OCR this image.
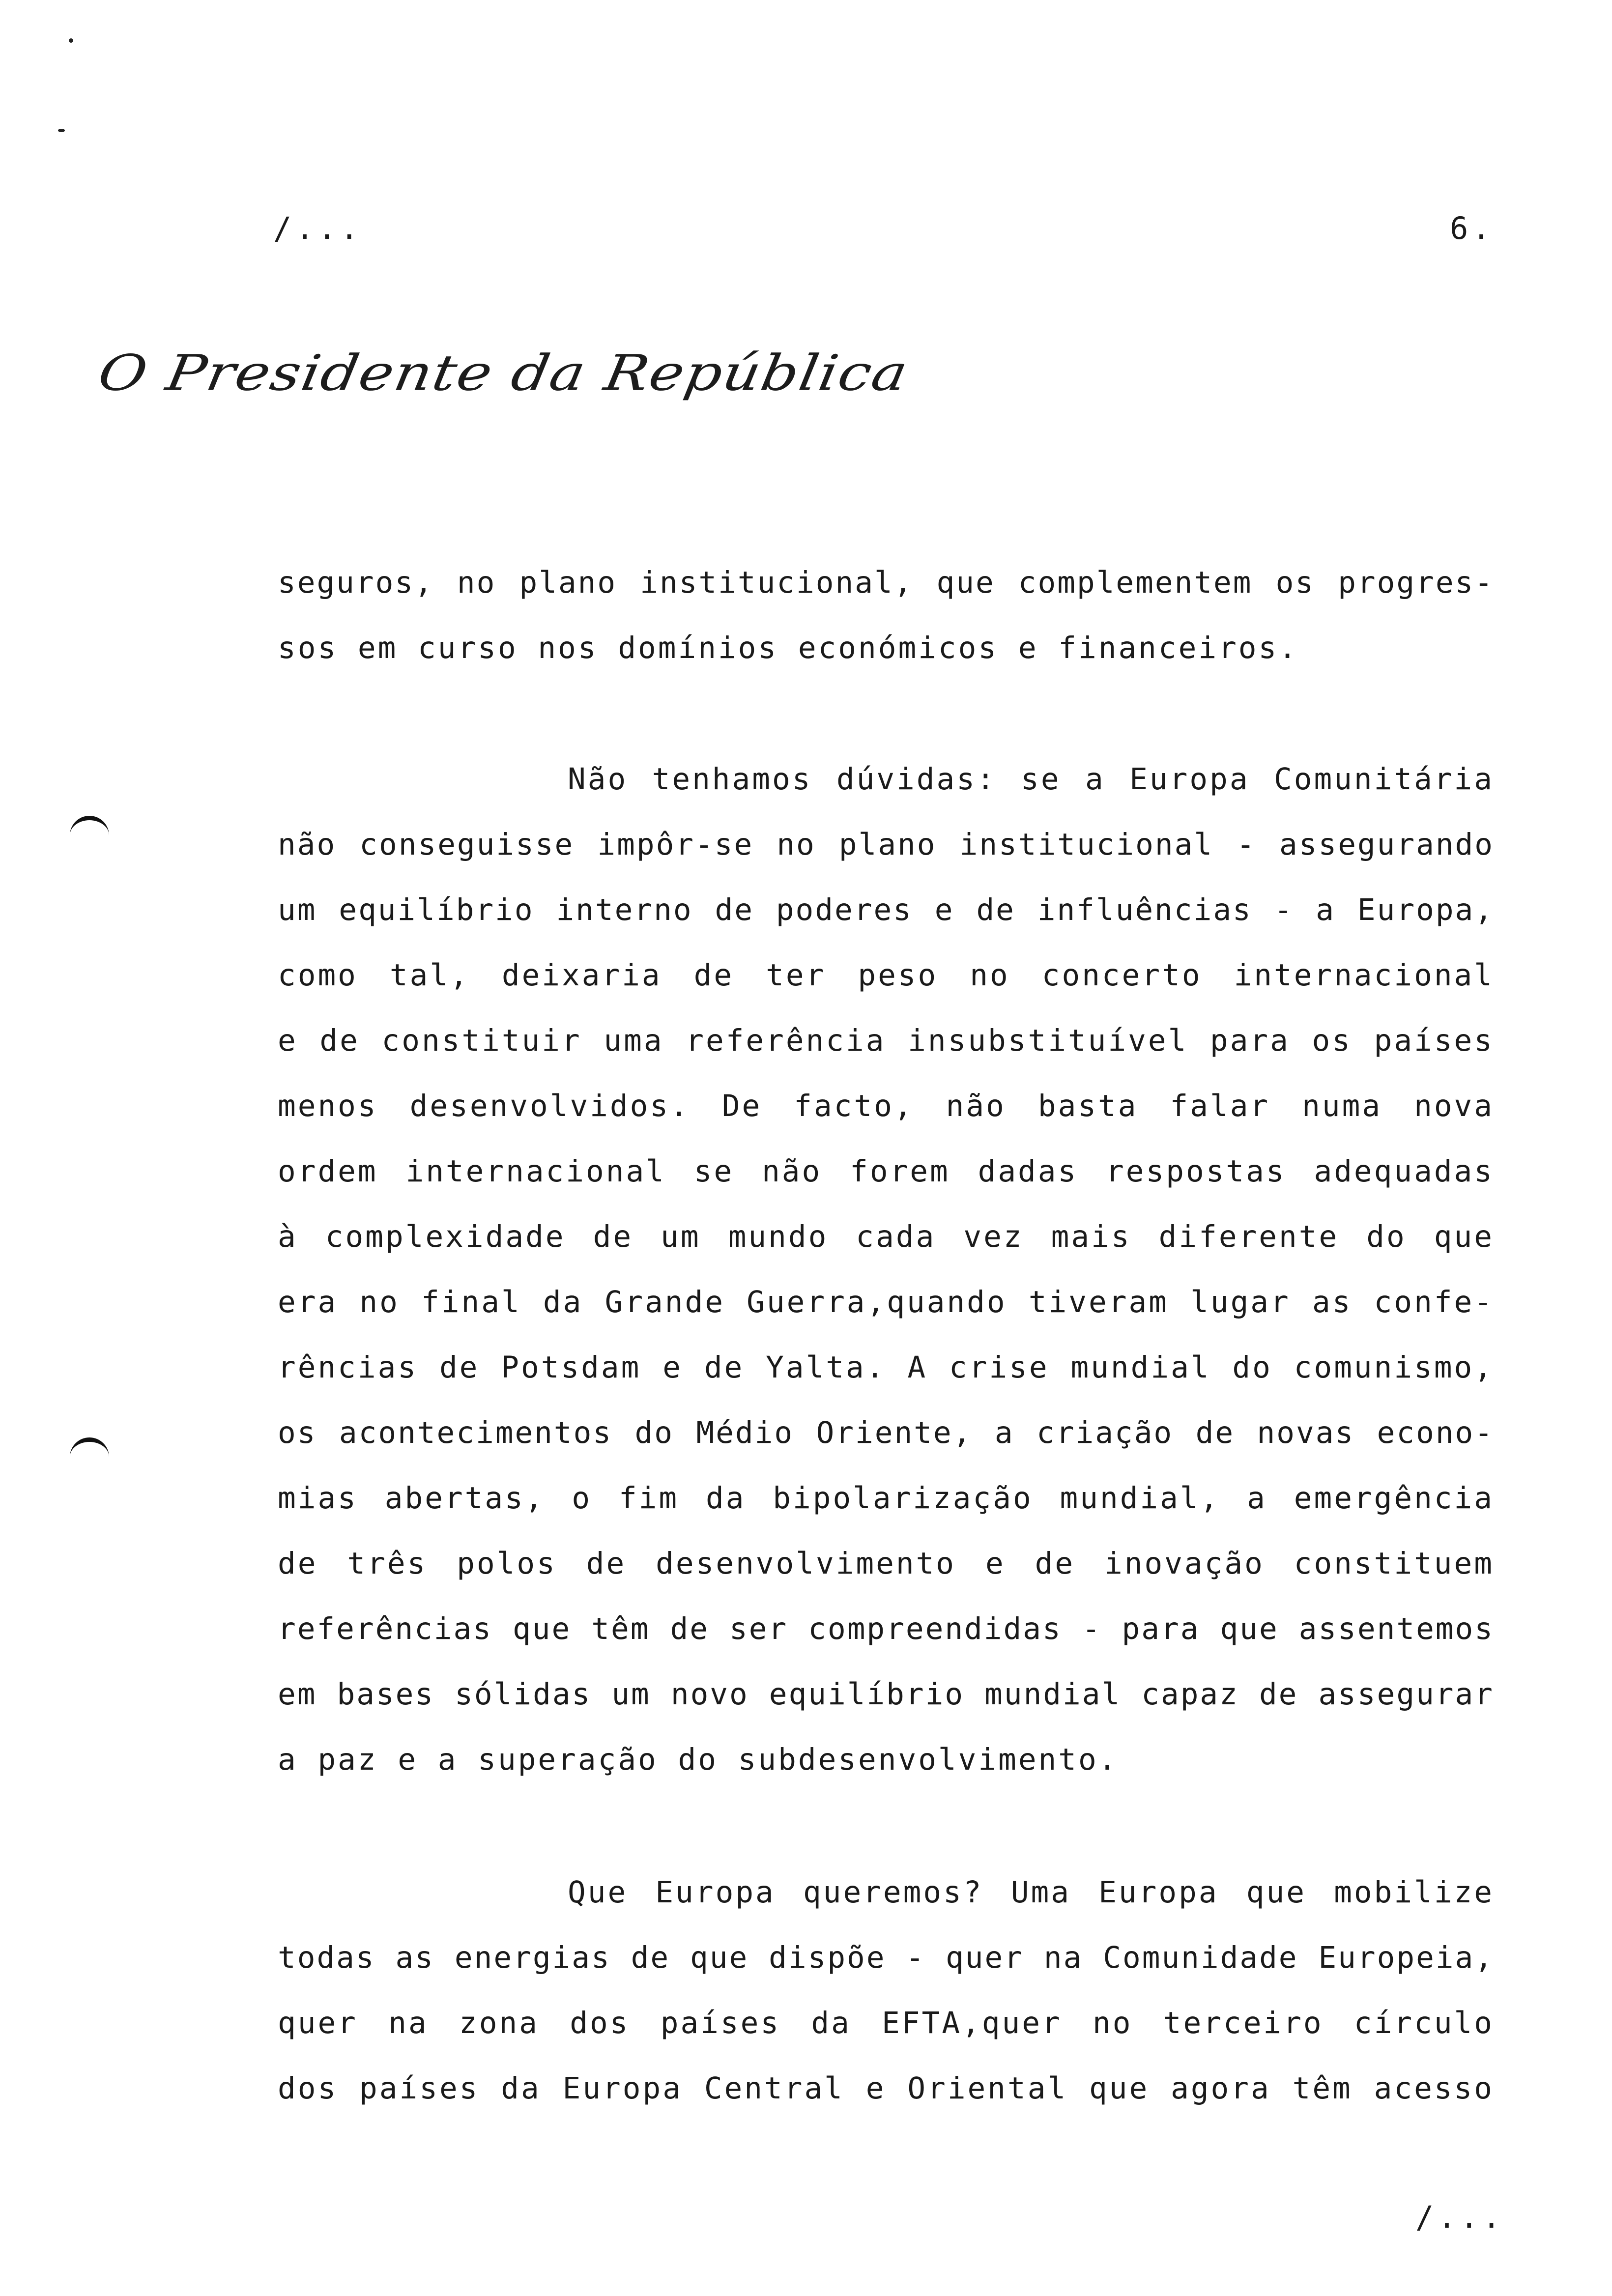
/...	6.
O Presidente da República
seguros, no plano institucional, que complementem os progres-
sos em curso nos domínios económicos e financeiros.
Não tenhamos dúvidas: se a Europa Comunitária
não conseguisse impôr-se no plano institucional - assegurando
um equilíbrio interno de poderes e de influências - a Europa,
como tal, deixaria de ter peso no concerto internacional
e de constituir uma referência insubstituível para os países
menos desenvolvidos. De facto, não basta falar numa nova
ordem internacional se não forem dadas respostas adequadas
à complexidade de um mundo cada vez mais diferente do que
era no final da Grande Guerra,quando tiveram lugar as confe-
rências de Potsdam e de Yalta. A crise mundial do comunismo,
os acontecimentos do Médio Oriente, a criação de novas econo-
mias abertas, o fim da bipolarização mundial, a emergência
de três polos de desenvolvimento e de inovação constituem
referências que têm de ser compreendidas - para que assentemos
em bases sólidas um novo equilíbrio mundial capaz de assegurar
a paz e a superação do subdesenvolvimento.
Que Europa queremos? Uma Europa que mobilize
todas as energias de que dispõe - quer na Comunidade Europeia,
quer na zona dos países da EFTA,quer no terceiro círculo
dos países da Europa Central e Oriental que agora têm acesso
/...
